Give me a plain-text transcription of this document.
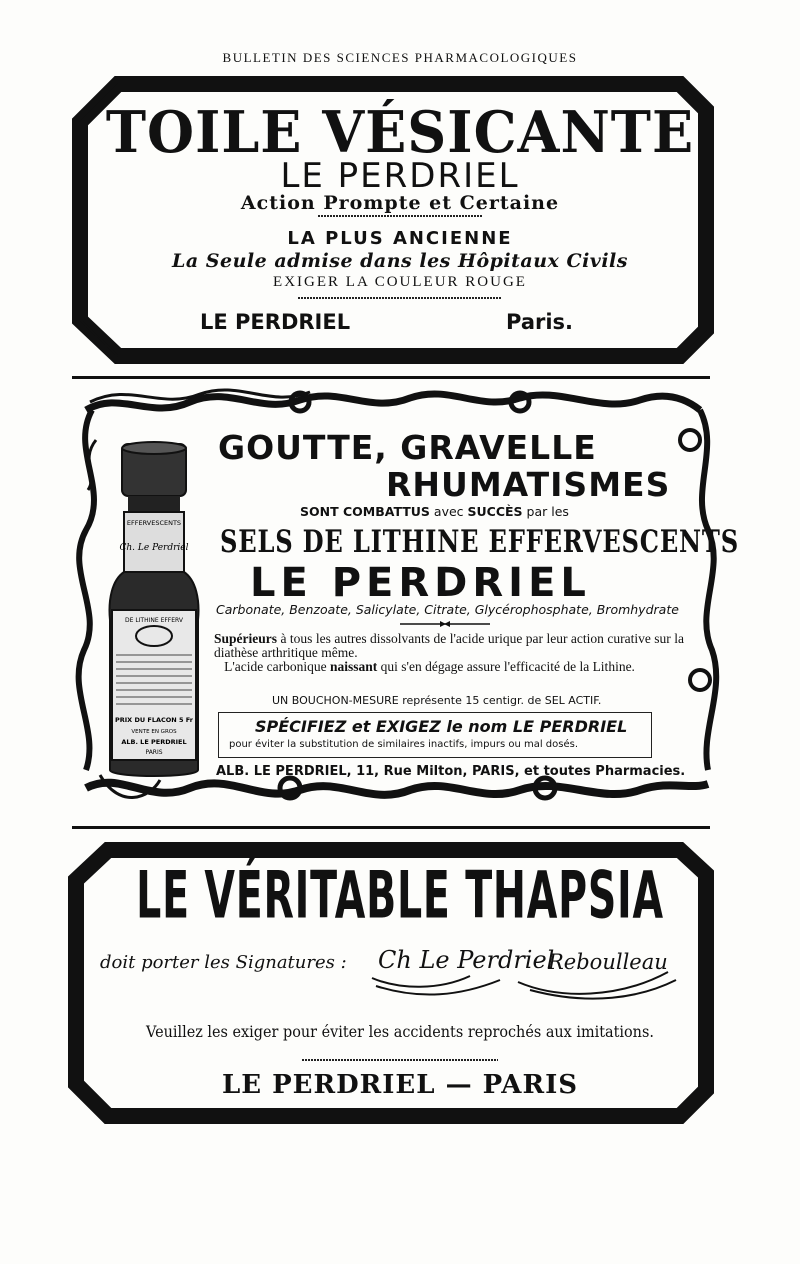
BULLETIN DES SCIENCES PHARMACOLOGIQUES
TOILE VÉSICANTE
LE PERDRIEL
Action Prompte et Certaine
LA PLUS ANCIENNE
La Seule admise dans les Hôpitaux Civils
EXIGER LA COULEUR ROUGE
LE PERDRIEL	Paris.
EFFERVESCENTS
Ch. Le Perdriel
DE LITHINE EFFERV
PRIX DU FLACON 5 Fr
VENTE EN GROS
ALB. LE PERDRIEL
PARIS
GOUTTE, GRAVELLE
RHUMATISMES
SONT COMBATTUS avec SUCCÈS par les
SELS DE LITHINE EFFERVESCENTS
LE PERDRIEL
Carbonate, Benzoate, Salicylate, Citrate, Glycérophosphate, Bromhydrate
Supérieurs à tous les autres dissolvants de l'acide urique par leur action curative sur la diathèse arthritique même.
L'acide carbonique naissant qui s'en dégage assure l'efficacité de la Lithine.
UN BOUCHON-MESURE représente 15 centigr. de SEL ACTIF.
SPÉCIFIEZ et EXIGEZ le nom LE PERDRIEL
pour éviter la substitution de similaires inactifs, impurs ou mal dosés.
ALB. LE PERDRIEL, 11, Rue Milton, PARIS, et toutes Pharmacies.
LE VÉRITABLE THAPSIA
doit porter les Signatures : Ch Le Perdriel
Reboulleau
Veuillez les exiger pour éviter les accidents reprochés aux imitations.
LE PERDRIEL — PARIS
